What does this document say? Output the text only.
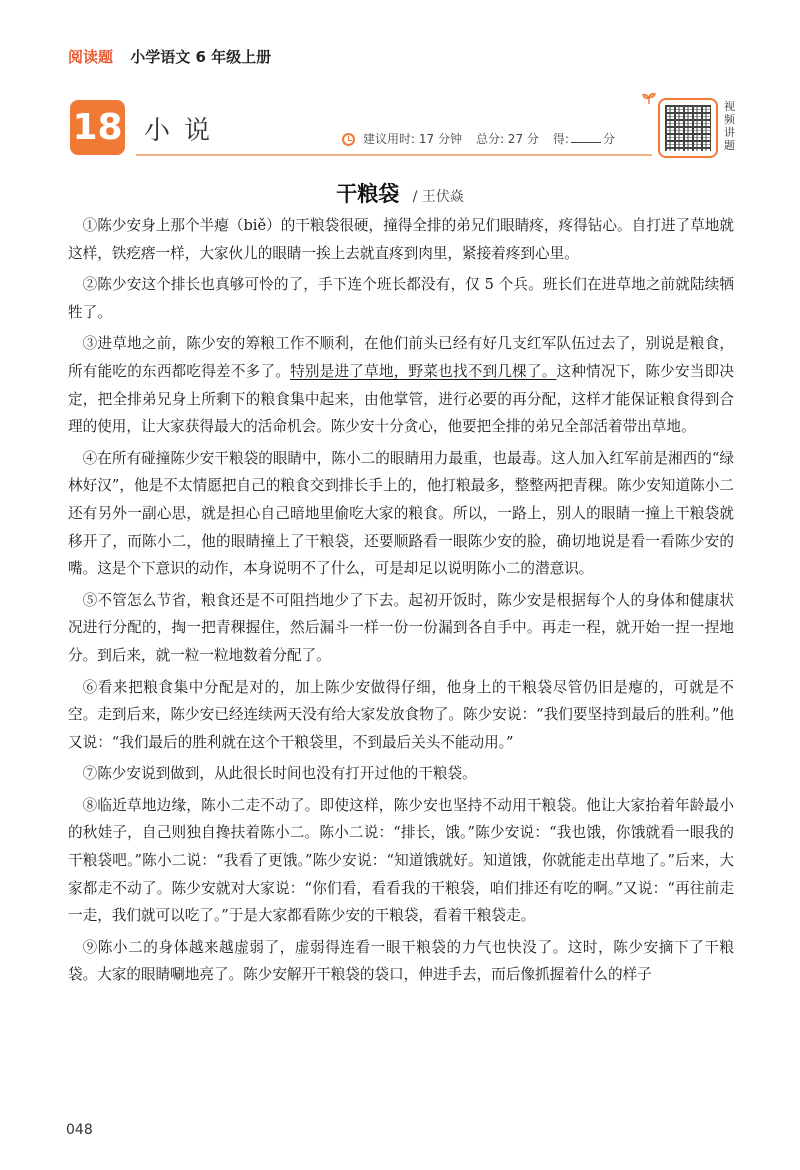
阅读题 小学语文 6 年级上册
18 小说	建议用时: 17 分钟 总分: 27 分 得:	分
视频讲题
干粮袋 / 王伏焱

①陈少安身上那个半瘪（biě）的干粮袋很硬，撞得全排的弟兄们眼睛疼，疼得钻心。自打进了草地就这样，铁疙瘩一样，大家伙儿的眼睛一挨上去就直疼到肉里，紧接着疼到心里。

②陈少安这个排长也真够可怜的了，手下连个班长都没有，仅 5 个兵。班长们在进草地之前就陆续牺牲了。

③进草地之前，陈少安的筹粮工作不顺利，在他们前头已经有好几支红军队伍过去了，别说是粮食，所有能吃的东西都吃得差不多了。特别是进了草地，野菜也找不到几棵了。这种情况下，陈少安当即决定，把全排弟兄身上所剩下的粮食集中起来，由他掌管，进行必要的再分配，这样才能保证粮食得到合理的使用，让大家获得最大的活命机会。陈少安十分贪心，他要把全排的弟兄全部活着带出草地。

④在所有碰撞陈少安干粮袋的眼睛中，陈小二的眼睛用力最重，也最毒。这人加入红军前是湘西的“绿林好汉”，他是不太情愿把自己的粮食交到排长手上的，他打粮最多，整整两把青稞。陈少安知道陈小二还有另外一副心思，就是担心自己暗地里偷吃大家的粮食。所以，一路上，别人的眼睛一撞上干粮袋就移开了，而陈小二，他的眼睛撞上了干粮袋，还要顺路看一眼陈少安的脸，确切地说是看一看陈少安的嘴。这是个下意识的动作，本身说明不了什么，可是却足以说明陈小二的潜意识。

⑤不管怎么节省，粮食还是不可阻挡地少了下去。起初开饭时，陈少安是根据每个人的身体和健康状况进行分配的，掏一把青稞握住，然后漏斗一样一份一份漏到各自手中。再走一程，就开始一捏一捏地分。到后来，就一粒一粒地数着分配了。

⑥看来把粮食集中分配是对的，加上陈少安做得仔细，他身上的干粮袋尽管仍旧是瘪的，可就是不空。走到后来，陈少安已经连续两天没有给大家发放食物了。陈少安说：“我们要坚持到最后的胜利。”他又说：“我们最后的胜利就在这个干粮袋里，不到最后关头不能动用。”

⑦陈少安说到做到，从此很长时间也没有打开过他的干粮袋。

⑧临近草地边缘，陈小二走不动了。即使这样，陈少安也坚持不动用干粮袋。他让大家抬着年龄最小的秋娃子，自己则独自搀扶着陈小二。陈小二说：“排长，饿。”陈少安说：“我也饿，你饿就看一眼我的干粮袋吧。”陈小二说：“我看了更饿。”陈少安说：“知道饿就好。知道饿，你就能走出草地了。”后来，大家都走不动了。陈少安就对大家说：“你们看，看看我的干粮袋，咱们排还有吃的啊。”又说：“再往前走一走，我们就可以吃了。”于是大家都看陈少安的干粮袋，看着干粮袋走。

⑨陈小二的身体越来越虚弱了，虚弱得连看一眼干粮袋的力气也快没了。这时，陈少安摘下了干粮袋。大家的眼睛唰地亮了。陈少安解开干粮袋的袋口，伸进手去，而后像抓握着什么的样子

048
